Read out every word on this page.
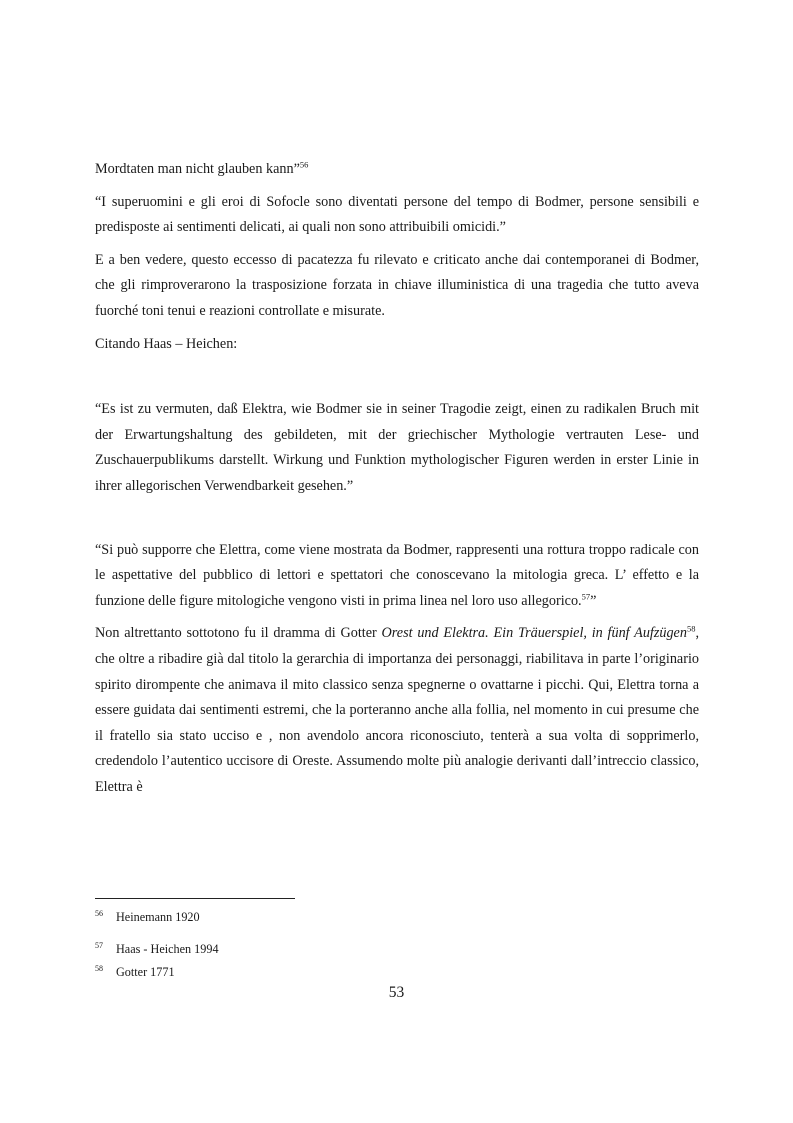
Mordtaten man nicht glauben kann”$^{56}$

“I superuomini e gli eroi di Sofocle sono diventati persone del tempo di Bodmer, persone sensibili e predisposte ai sentimenti delicati, ai quali non sono attribuibili omicidi.”

E a ben vedere, questo eccesso di pacatezza fu rilevato e criticato anche dai contemporanei di Bodmer, che gli rimproverarono la trasposizione forzata in chiave illuministica di una tragedia che tutto aveva fuorché toni tenui e reazioni controllate e misurate.

Citando Haas – Heichen:

“Es ist zu vermuten, daß Elektra, wie Bodmer sie in seiner Tragodie zeigt, einen zu radikalen Bruch mit der Erwartungshaltung des gebildeten, mit der griechischer Mythologie vertrauten Lese- und Zuschauerpublikums darstellt. Wirkung und Funktion mythologischer Figuren werden in erster Linie in ihrer allegorischen Verwendbarkeit gesehen.”

“Si può supporre che Elettra, come viene mostrata da Bodmer, rappresenti una rottura troppo radicale con le aspettative del pubblico di lettori e spettatori che conoscevano la mitologia greca. L’ effetto e la funzione delle figure mitologiche vengono visti in prima linea nel loro uso allegorico.$^{57}$”

Non altrettanto sottotono fu il dramma di Gotter Orest und Elektra. Ein Träuerspiel, in fünf Aufzügen$^{58}$, che oltre a ribadire già dal titolo la gerarchia di importanza dei personaggi, riabilitava in parte l’originario spirito dirompente che animava il mito classico senza spegnerne o ovattarne i picchi. Qui, Elettra torna a essere guidata dai sentimenti estremi, che la porteranno anche alla follia, nel momento in cui presume che il fratello sia stato ucciso e , non avendolo ancora riconosciuto, tenterà a sua volta di sopprimerlo, credendolo l’autentico uccisore di Oreste. Assumendo molte più analogie derivanti dall’intreccio classico, Elettra è

56 Heinemann 1920
57 Haas - Heichen 1994
58 Gotter 1771
53
